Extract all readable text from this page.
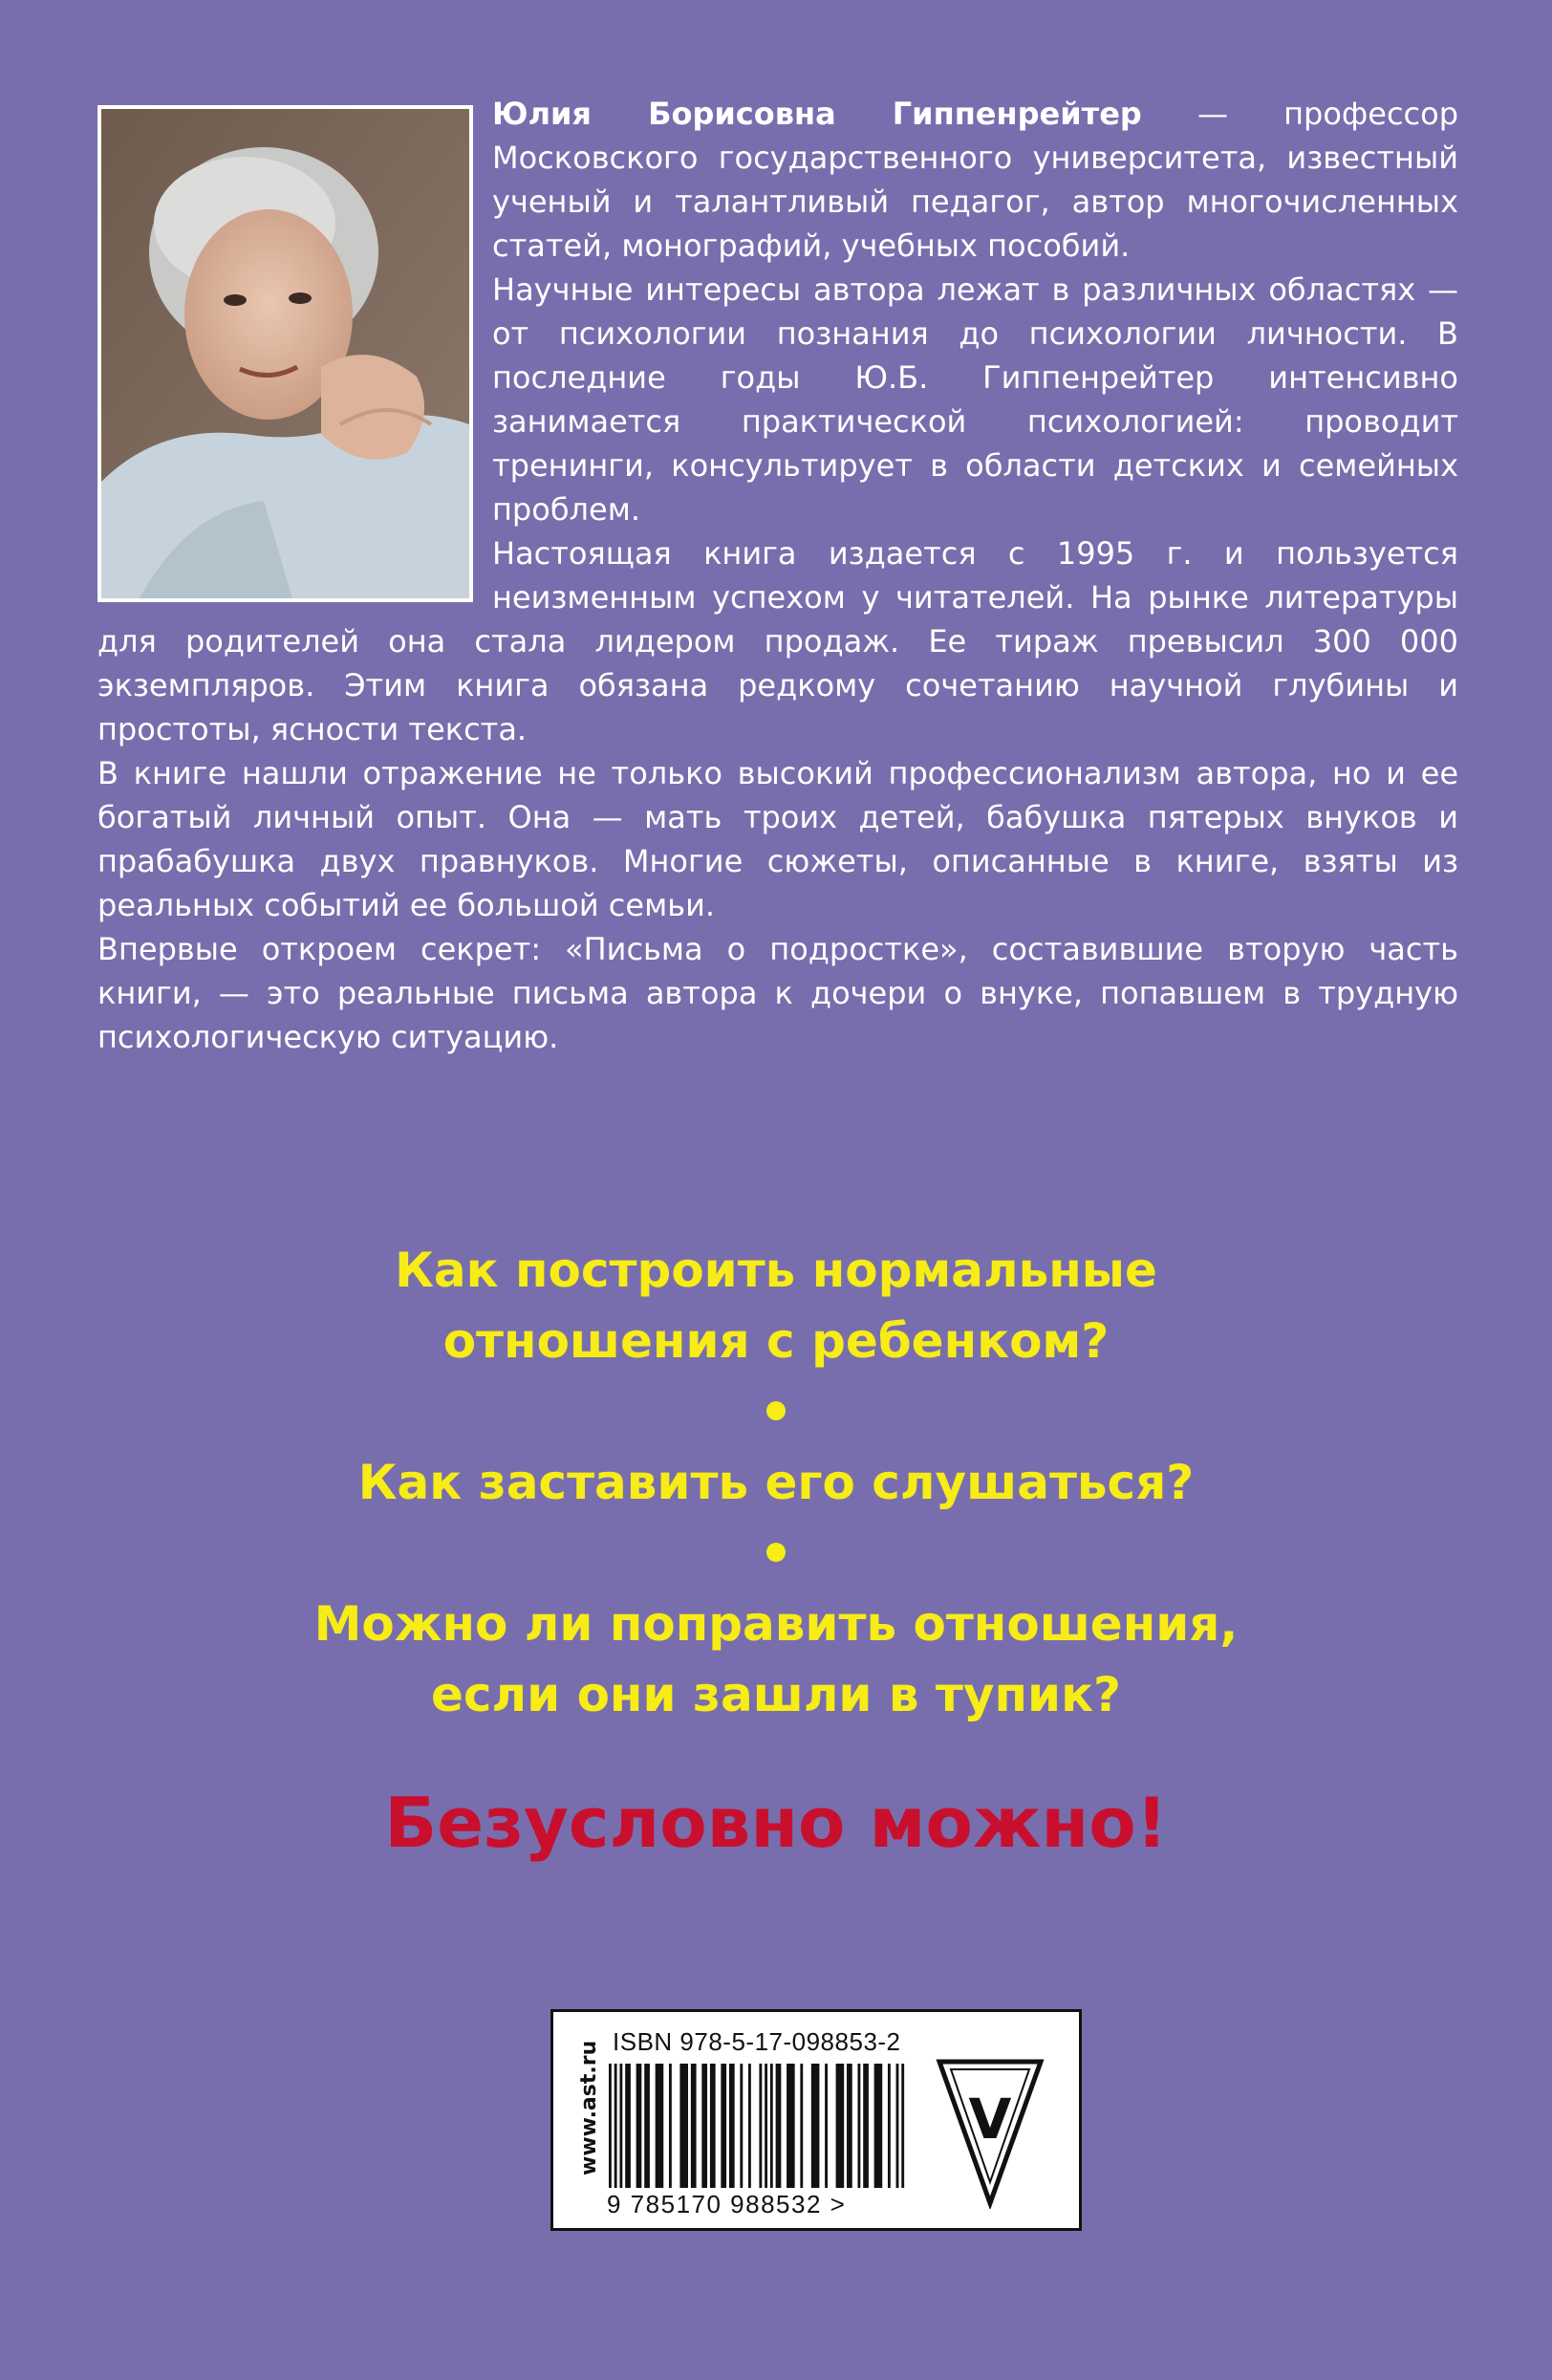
Юлия Борисовна Гиппенрейтер — профессор Московского государственного университета, известный ученый и талантливый педагог, автор многочисленных статей, монографий, учебных пособий.

Научные интересы автора лежат в различных областях — от психологии познания до психологии личности. В последние годы Ю.Б. Гиппенрейтер интенсивно занимается практической психологией: проводит тренинги, консультирует в области детских и семейных проблем.

Настоящая книга издается с 1995 г. и пользуется неизменным успехом у читателей. На рынке литературы для родителей она стала лидером продаж. Ее тираж превысил 300 000 экземпляров. Этим книга обязана редкому сочетанию научной глубины и простоты, ясности текста.

В книге нашли отражение не только высокий профессионализм автора, но и ее богатый личный опыт. Она — мать троих детей, бабушка пятерых внуков и прабабушка двух правнуков. Многие сюжеты, описанные в книге, взяты из реальных событий ее большой семьи.

Впервые откроем секрет: «Письма о подростке», составившие вторую часть книги, — это реальные письма автора к дочери о внуке, попавшем в трудную психологическую ситуацию.

Как построить нормальные

отношения с ребенком?

Как заставить его слушаться?

Можно ли поправить отношения,

если они зашли в тупик?

Безусловно можно!
www.ast.ru ISBN 978-5-17-098853-2
9 785170 988532 >
V
